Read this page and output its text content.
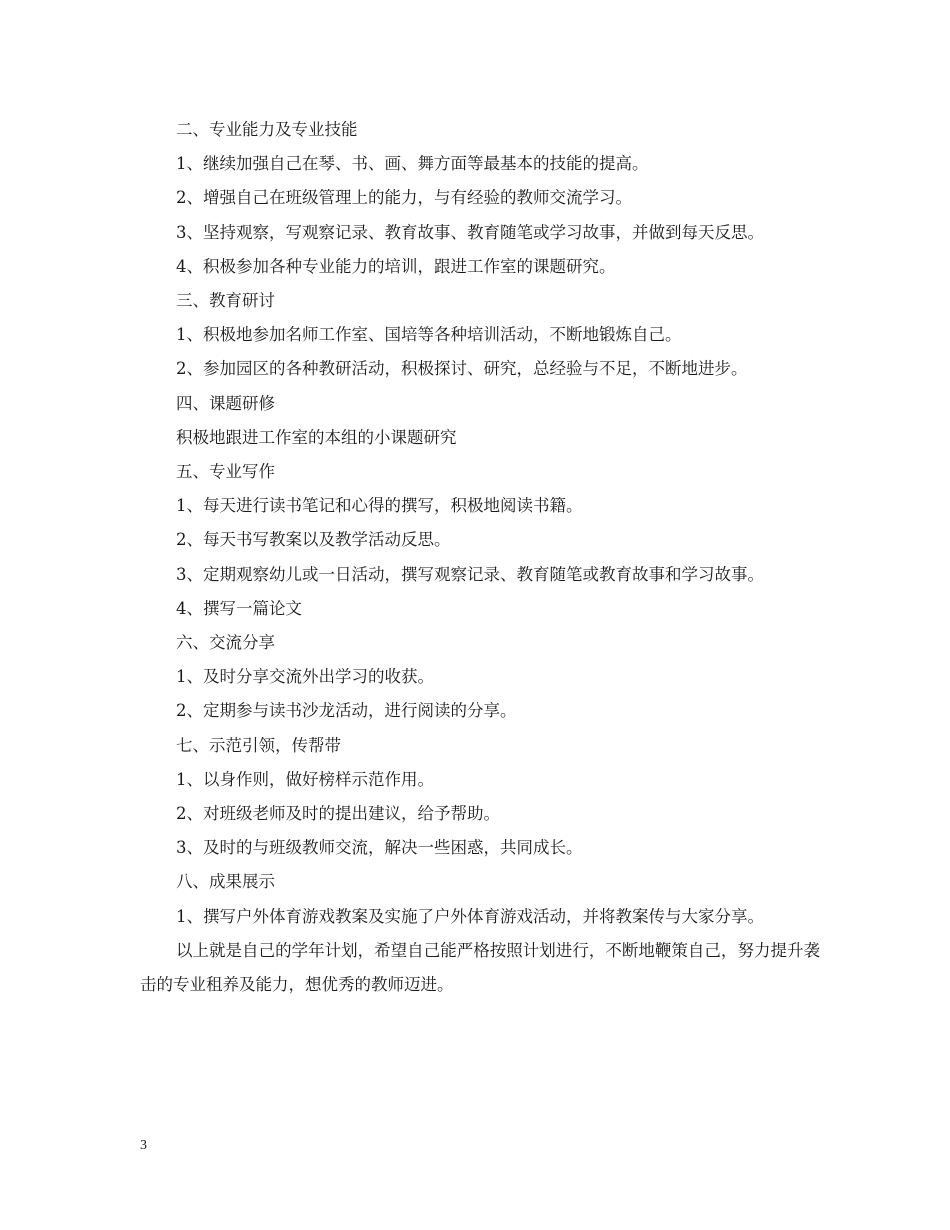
二、专业能力及专业技能

1、继续加强自己在琴、书、画、舞方面等最基本的技能的提高。

2、增强自己在班级管理上的能力，与有经验的教师交流学习。

3、坚持观察，写观察记录、教育故事、教育随笔或学习故事，并做到每天反思。

4、积极参加各种专业能力的培训，跟进工作室的课题研究。

三、教育研讨

1、积极地参加名师工作室、国培等各种培训活动，不断地锻炼自己。

2、参加园区的各种教研活动，积极探讨、研究，总经验与不足，不断地进步。

四、课题研修

积极地跟进工作室的本组的小课题研究

五、专业写作

1、每天进行读书笔记和心得的撰写，积极地阅读书籍。

2、每天书写教案以及教学活动反思。

3、定期观察幼儿或一日活动，撰写观察记录、教育随笔或教育故事和学习故事。

4、撰写一篇论文

六、交流分享

1、及时分享交流外出学习的收获。

2、定期参与读书沙龙活动，进行阅读的分享。

七、示范引领，传帮带

1、以身作则，做好榜样示范作用。

2、对班级老师及时的提出建议，给予帮助。

3、及时的与班级教师交流，解决一些困惑，共同成长。

八、成果展示

1、撰写户外体育游戏教案及实施了户外体育游戏活动，并将教案传与大家分享。

以上就是自己的学年计划，希望自己能严格按照计划进行，不断地鞭策自己，努力提升袭击的专业租养及能力，想优秀的教师迈进。

3
